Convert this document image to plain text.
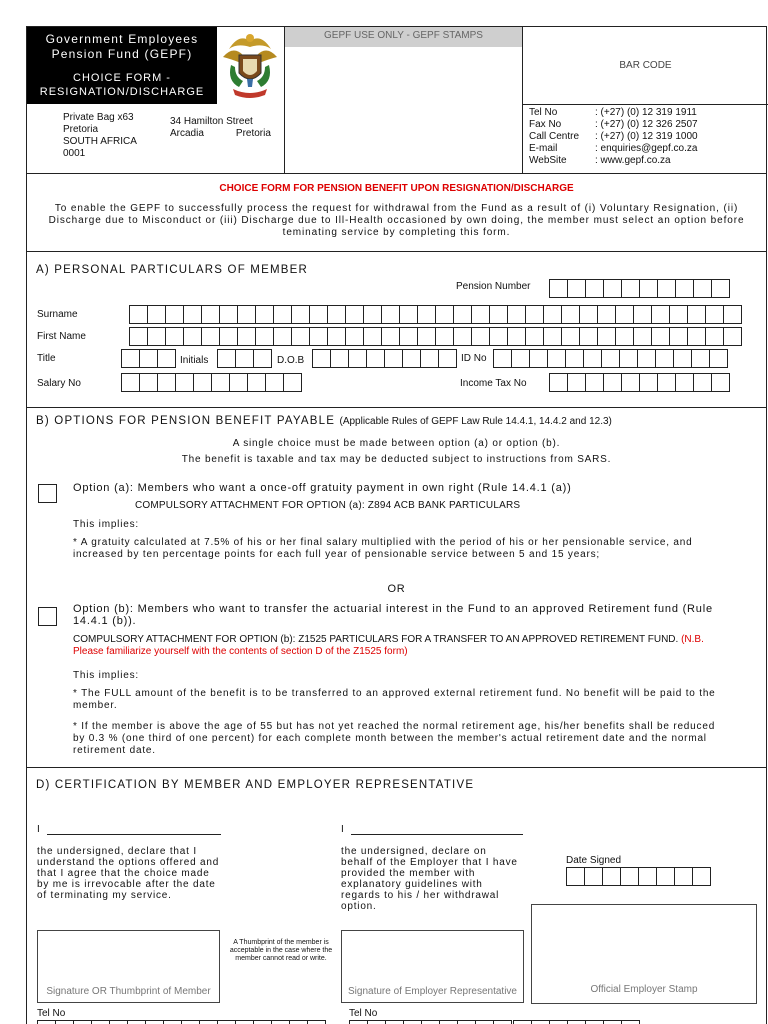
Government Employees
Pension Fund (GEPF)
CHOICE FORM -
RESIGNATION/DISCHARGE
GEPF USE ONLY - GEPF STAMPS
BAR CODE
Private Bag x63
Pretoria
SOUTH AFRICA
0001
34 Hamilton Street
Arcadia	Pretoria
Tel No	: (+27) (0) 12 319 1911
Fax No	: (+27) (0) 12 326 2507
Call Centre	: (+27) (0) 12 319 1000
E-mail	: enquiries@gepf.co.za
WebSite	: www.gepf.co.za
CHOICE FORM FOR PENSION BENEFIT UPON RESIGNATION/DISCHARGE
To enable the GEPF to successfully process the request for withdrawal from the Fund as a result of (i) Voluntary Resignation, (ii) Discharge due to Misconduct or (iii) Discharge due to Ill-Health occasioned by own doing, the member must select an option before teminating service by completing this form.
A) PERSONAL PARTICULARS OF MEMBER
Pension Number
Surname
First Name
Title	Initials	D.O.B	ID No
Salary No	Income Tax No
B) OPTIONS FOR PENSION BENEFIT PAYABLE (Applicable Rules of GEPF Law Rule 14.4.1, 14.4.2 and 12.3)
A single choice must be made between option (a) or option (b).
The benefit is taxable and tax may be deducted subject to instructions from SARS.
Option (a): Members who want a once-off gratuity payment in own right (Rule 14.4.1 (a))
COMPULSORY ATTACHMENT FOR OPTION (a): Z894 ACB BANK PARTICULARS
This implies:
* A gratuity calculated at 7.5% of his or her final salary multiplied with the period of his or her pensionable service, and increased by ten percentage points for each full year of pensionable service between 5 and 15 years;
OR
Option (b): Members who want to transfer the actuarial interest in the Fund to an approved Retirement fund (Rule 14.4.1 (b)).
COMPULSORY ATTACHMENT FOR OPTION (b): Z1525 PARTICULARS FOR A TRANSFER TO AN APPROVED RETIREMENT FUND. (N.B. Please familiarize yourself with the contents of section D of the Z1525 form)
This implies:
* The FULL amount of the benefit is to be transferred to an approved external retirement fund. No benefit will be paid to the member.
* If the member is above the age of 55 but has not yet reached the normal retirement age, his/her benefits shall be reduced by 0.3 % (one third of one percent) for each complete month between the member's actual retirement date and the normal retirement date.
D) CERTIFICATION BY MEMBER AND EMPLOYER REPRESENTATIVE
I
the undersigned, declare that I understand the options offered and that I agree that the choice made by me is irrevocable after the date of terminating my service.
I
the undersigned, declare on behalf of the Employer that I have provided the member with explanatory guidelines with regards to his / her withdrawal option.
Date Signed
Signature OR Thumbprint of Member
A Thumbprint of the member is acceptable in the case where the member cannot read or write.
Signature of Employer Representative	Official Employer Stamp
Tel No	Tel No
